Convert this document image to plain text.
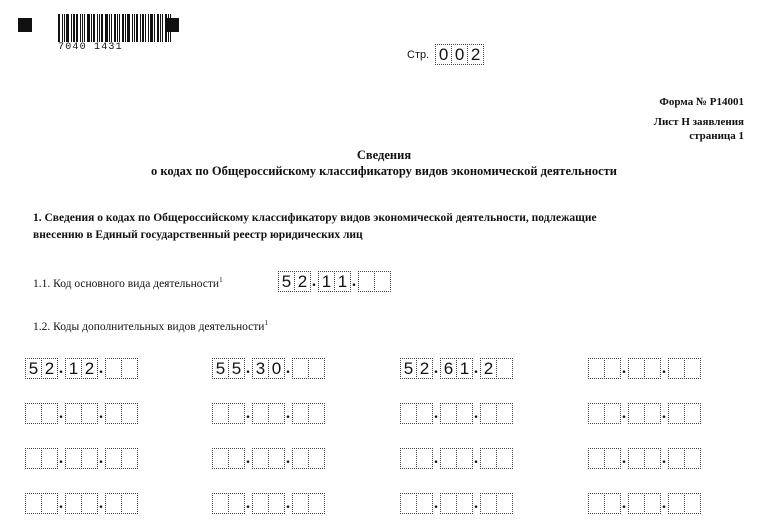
7040 1431
Стр. 0 0 2
Форма № Р14001
Лист Н заявления
страница 1
Сведения
о кодах по Общероссийскому классификатору видов экономической деятельности
1. Сведения о кодах по Общероссийскому классификатору видов экономической деятельности, подлежащие
внесению в Единый государственный реестр юридических лиц
1.1. Код основного вида деятельности$^1$	5 2 . 1 1 .
1.2. Коды дополнительных видов деятельности$^1$
5 2 . 1 2 .	5 5 . 3 0 .	5 2 . 6 1 . 2	. .
. .	. .	. .	. .
. .	. .	. .	. .
. .	. .	. .	. .
